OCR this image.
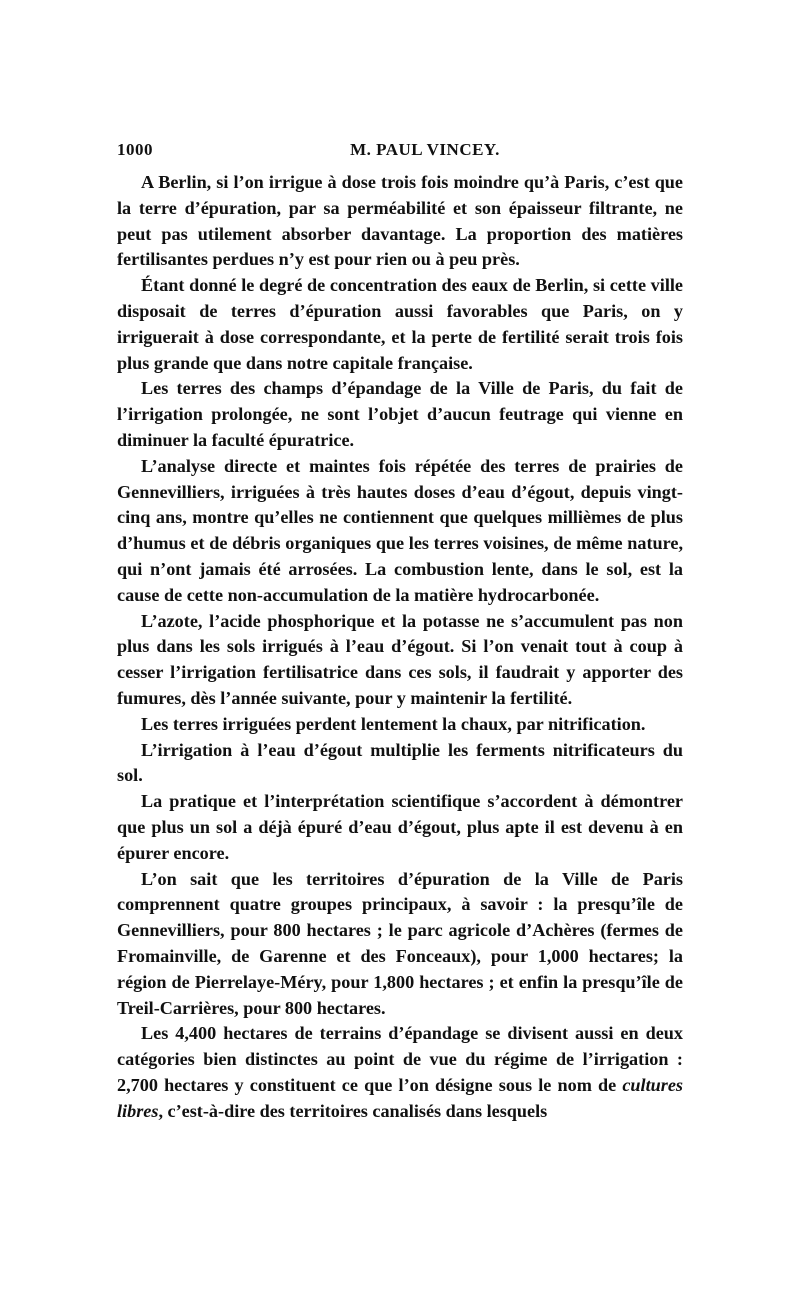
1000	M. PAUL VINCEY.

A Berlin, si l’on irrigue à dose trois fois moindre qu’à Paris, c’est que la terre d’épuration, par sa perméabilité et son épaisseur filtrante, ne peut pas utilement absorber davantage. La proportion des matières fertilisantes perdues n’y est pour rien ou à peu près.

Étant donné le degré de concentration des eaux de Berlin, si cette ville disposait de terres d’épuration aussi favorables que Paris, on y irriguerait à dose correspondante, et la perte de fertilité serait trois fois plus grande que dans notre capitale française.

Les terres des champs d’épandage de la Ville de Paris, du fait de l’irrigation prolongée, ne sont l’objet d’aucun feutrage qui vienne en diminuer la faculté épuratrice.

L’analyse directe et maintes fois répétée des terres de prairies de Gennevilliers, irriguées à très hautes doses d’eau d’égout, depuis vingt-cinq ans, montre qu’elles ne contiennent que quelques millièmes de plus d’humus et de débris organiques que les terres voisines, de même nature, qui n’ont jamais été arrosées. La combustion lente, dans le sol, est la cause de cette non-accumulation de la matière hydrocarbonée.

L’azote, l’acide phosphorique et la potasse ne s’accumulent pas non plus dans les sols irrigués à l’eau d’égout. Si l’on venait tout à coup à cesser l’irrigation fertilisatrice dans ces sols, il faudrait y apporter des fumures, dès l’année suivante, pour y maintenir la fertilité.

Les terres irriguées perdent lentement la chaux, par nitrification.

L’irrigation à l’eau d’égout multiplie les ferments nitrificateurs du sol.

La pratique et l’interprétation scientifique s’accordent à démontrer que plus un sol a déjà épuré d’eau d’égout, plus apte il est devenu à en épurer encore.

L’on sait que les territoires d’épuration de la Ville de Paris comprennent quatre groupes principaux, à savoir : la presqu’île de Gennevilliers, pour 800 hectares ; le parc agricole d’Achères (fermes de Fromainville, de Garenne et des Fonceaux), pour 1,000 hectares; la région de Pierrelaye-Méry, pour 1,800 hectares ; et enfin la presqu’île de Treil-Carrières, pour 800 hectares.

Les 4,400 hectares de terrains d’épandage se divisent aussi en deux catégories bien distinctes au point de vue du régime de l’irrigation : 2,700 hectares y constituent ce que l’on désigne sous le nom de cultures libres, c’est-à-dire des territoires canalisés dans lesquels
